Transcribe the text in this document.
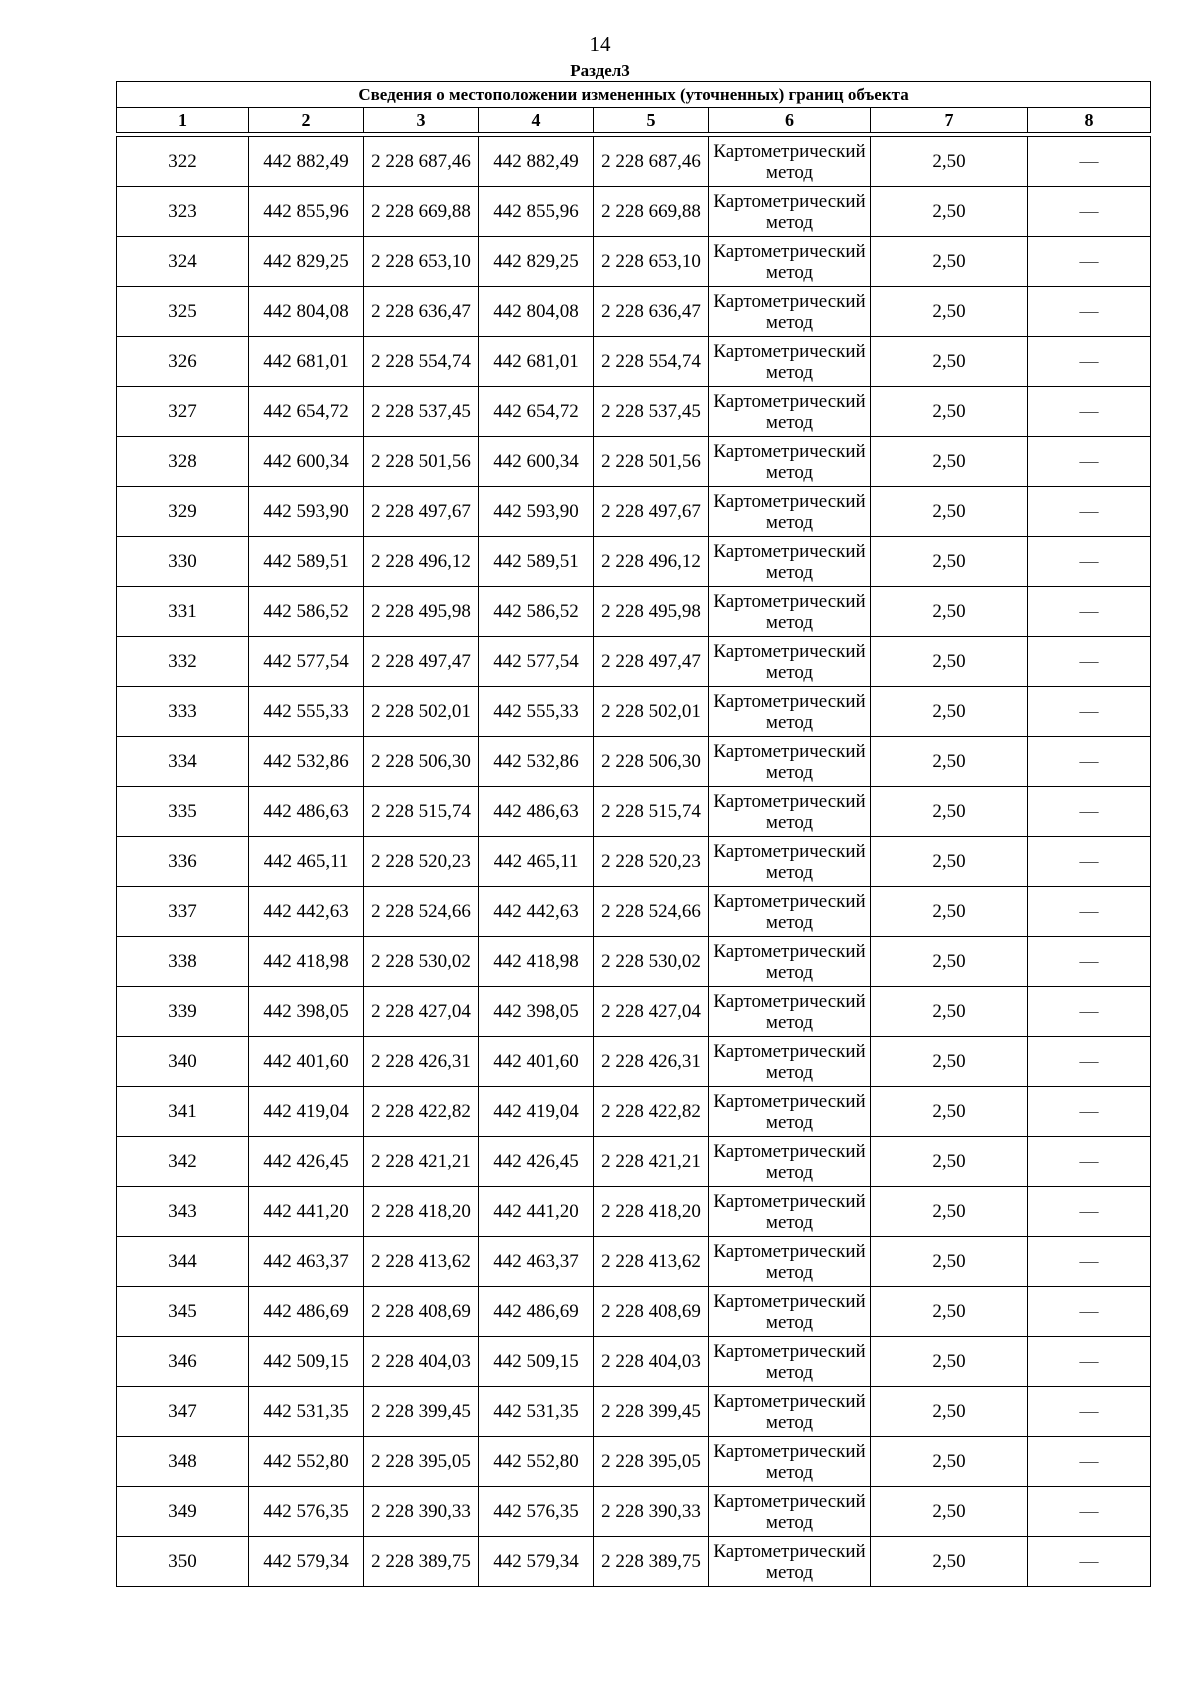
14
Раздел3
Сведения о местоположении измененных (уточненных) границ объекта							
1	2	3	4	5	6	7	8

322	442 882,49	2 228 687,46	442 882,49	2 228 687,46	Картометрический метод	2,50	—
323	442 855,96	2 228 669,88	442 855,96	2 228 669,88	Картометрический метод	2,50	—
324	442 829,25	2 228 653,10	442 829,25	2 228 653,10	Картометрический метод	2,50	—
325	442 804,08	2 228 636,47	442 804,08	2 228 636,47	Картометрический метод	2,50	—
326	442 681,01	2 228 554,74	442 681,01	2 228 554,74	Картометрический метод	2,50	—
327	442 654,72	2 228 537,45	442 654,72	2 228 537,45	Картометрический метод	2,50	—
328	442 600,34	2 228 501,56	442 600,34	2 228 501,56	Картометрический метод	2,50	—
329	442 593,90	2 228 497,67	442 593,90	2 228 497,67	Картометрический метод	2,50	—
330	442 589,51	2 228 496,12	442 589,51	2 228 496,12	Картометрический метод	2,50	—
331	442 586,52	2 228 495,98	442 586,52	2 228 495,98	Картометрический метод	2,50	—
332	442 577,54	2 228 497,47	442 577,54	2 228 497,47	Картометрический метод	2,50	—
333	442 555,33	2 228 502,01	442 555,33	2 228 502,01	Картометрический метод	2,50	—
334	442 532,86	2 228 506,30	442 532,86	2 228 506,30	Картометрический метод	2,50	—
335	442 486,63	2 228 515,74	442 486,63	2 228 515,74	Картометрический метод	2,50	—
336	442 465,11	2 228 520,23	442 465,11	2 228 520,23	Картометрический метод	2,50	—
337	442 442,63	2 228 524,66	442 442,63	2 228 524,66	Картометрический метод	2,50	—
338	442 418,98	2 228 530,02	442 418,98	2 228 530,02	Картометрический метод	2,50	—
339	442 398,05	2 228 427,04	442 398,05	2 228 427,04	Картометрический метод	2,50	—
340	442 401,60	2 228 426,31	442 401,60	2 228 426,31	Картометрический метод	2,50	—
341	442 419,04	2 228 422,82	442 419,04	2 228 422,82	Картометрический метод	2,50	—
342	442 426,45	2 228 421,21	442 426,45	2 228 421,21	Картометрический метод	2,50	—
343	442 441,20	2 228 418,20	442 441,20	2 228 418,20	Картометрический метод	2,50	—
344	442 463,37	2 228 413,62	442 463,37	2 228 413,62	Картометрический метод	2,50	—
345	442 486,69	2 228 408,69	442 486,69	2 228 408,69	Картометрический метод	2,50	—
346	442 509,15	2 228 404,03	442 509,15	2 228 404,03	Картометрический метод	2,50	—
347	442 531,35	2 228 399,45	442 531,35	2 228 399,45	Картометрический метод	2,50	—
348	442 552,80	2 228 395,05	442 552,80	2 228 395,05	Картометрический метод	2,50	—
349	442 576,35	2 228 390,33	442 576,35	2 228 390,33	Картометрический метод	2,50	—
350	442 579,34	2 228 389,75	442 579,34	2 228 389,75	Картометрический метод	2,50	—
